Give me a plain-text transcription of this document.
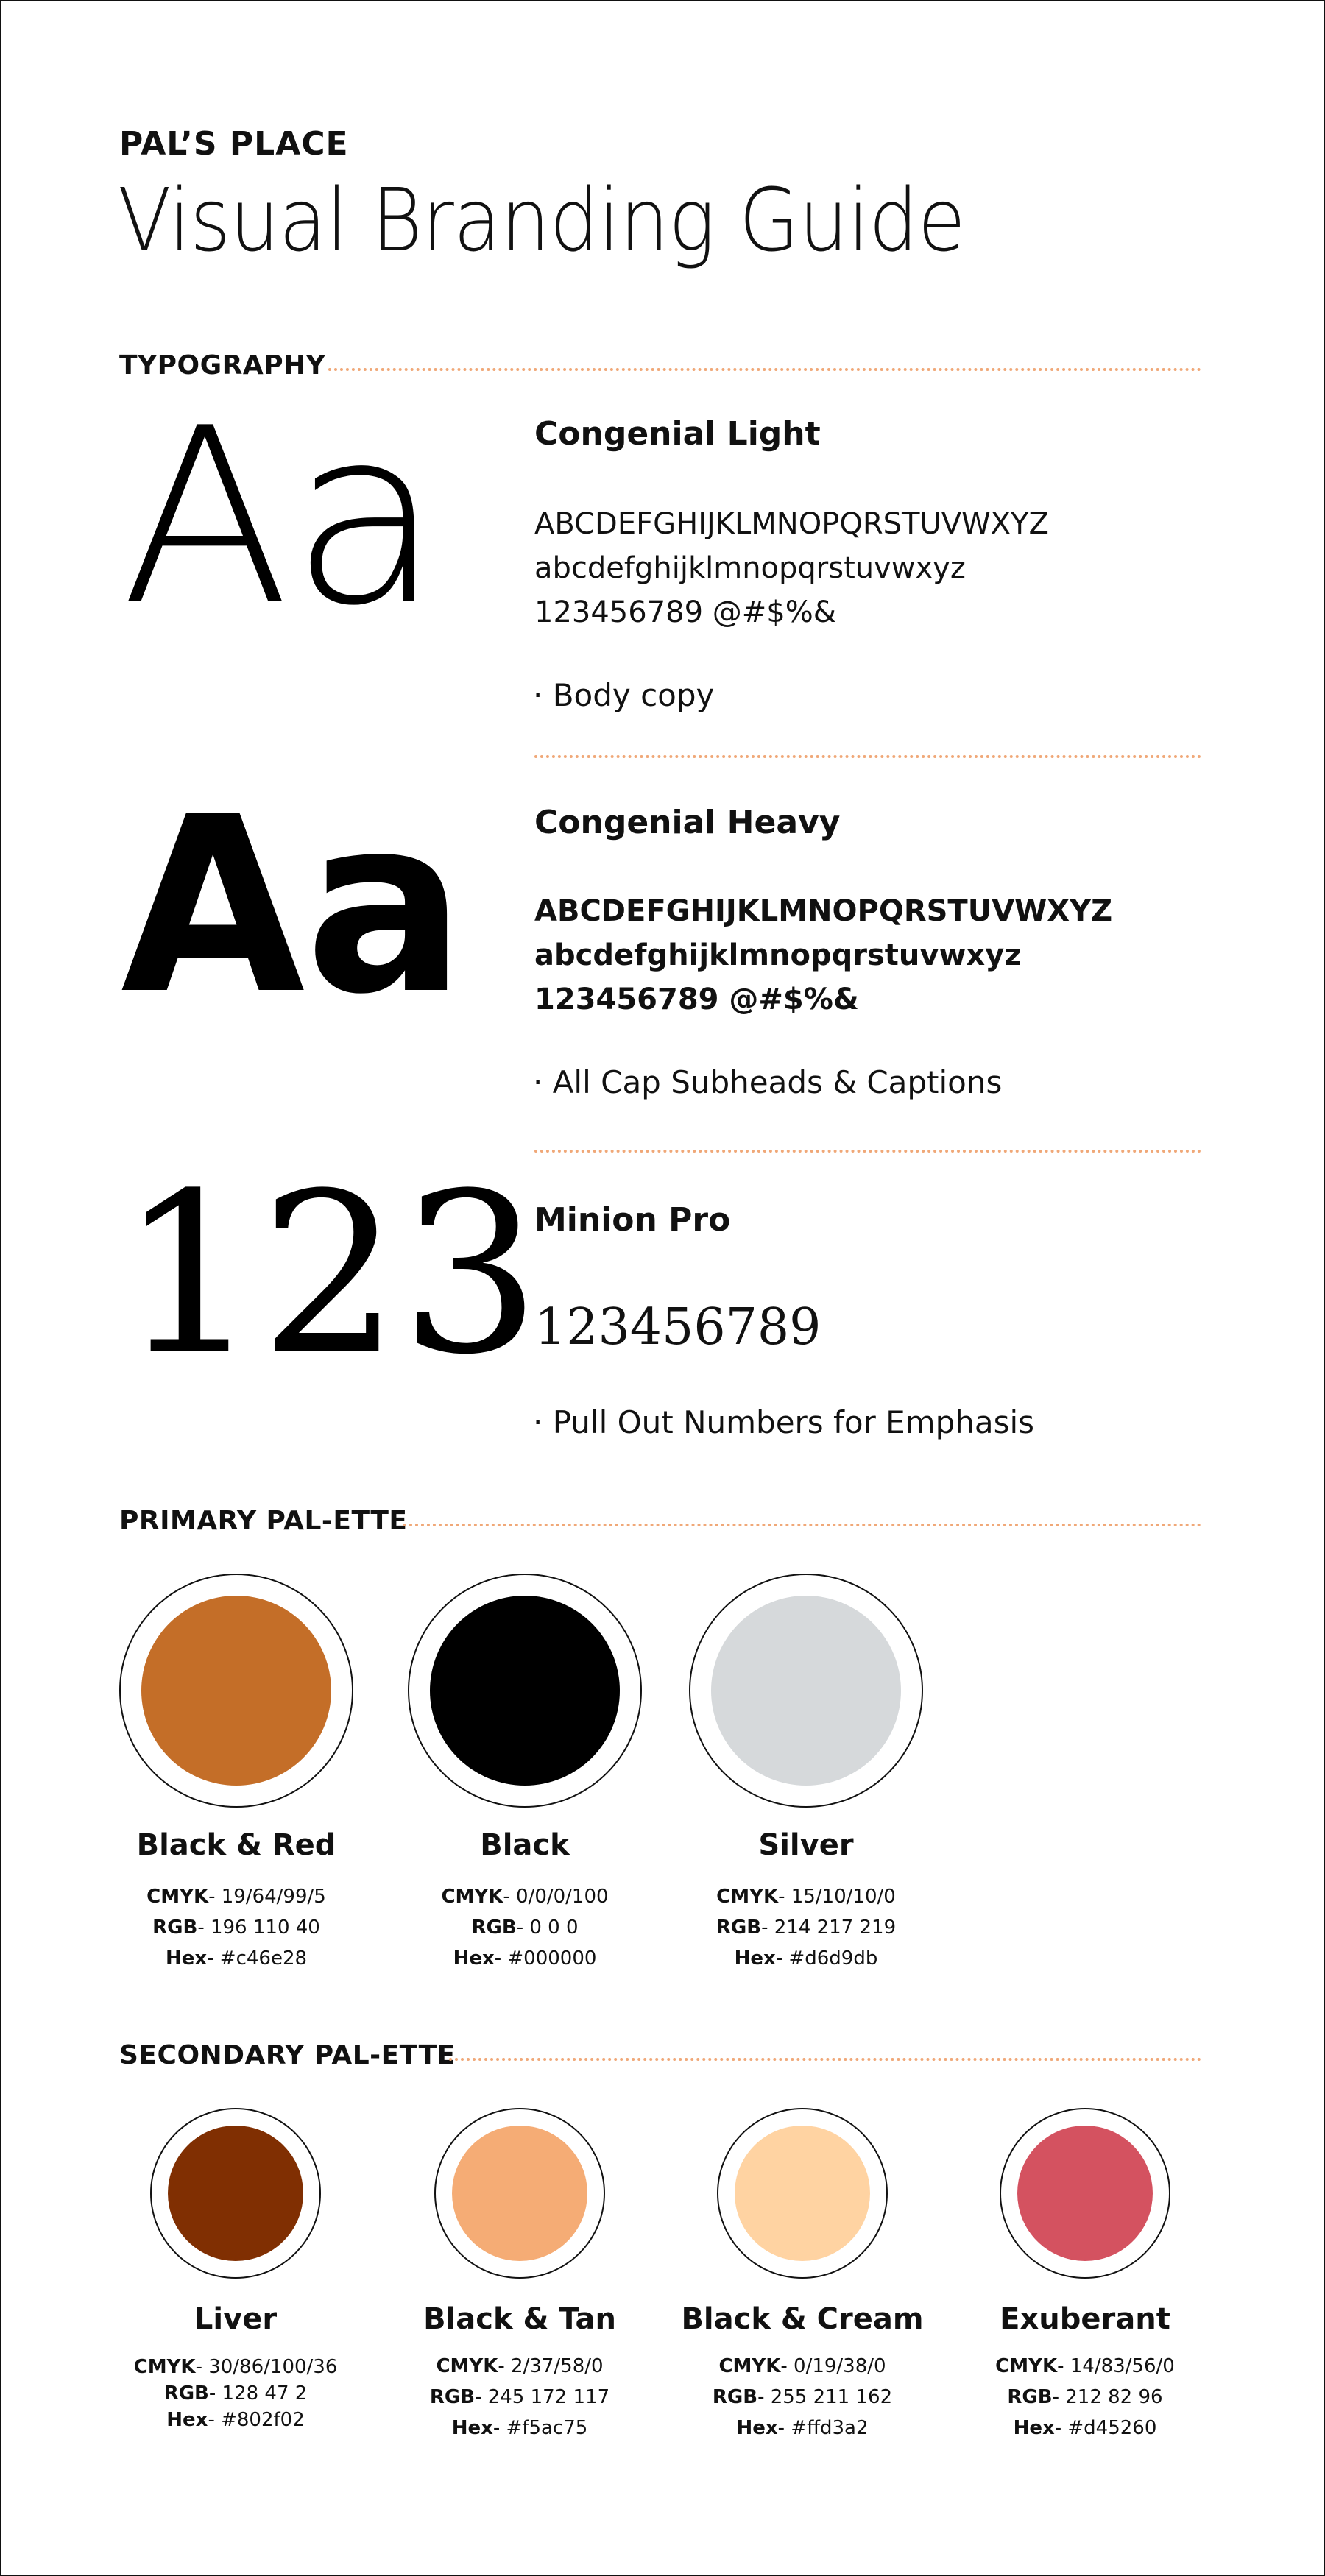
PAL’S PLACE
Visual Branding Guide
TYPOGRAPHY
Aa	Congenial Light
ABCDEFGHIJKLMNOPQRSTUVWXYZ
abcdefghijklmnopqrstuvwxyz
123456789 @#$%&
· Body copy
Aa Congenial Heavy
ABCDEFGHIJKLMNOPQRSTUVWXYZ
abcdefghijklmnopqrstuvwxyz
123456789 @#$%&
· All Cap Subheads & Captions
123
Minion Pro
123456789
· Pull Out Numbers for Emphasis
PRIMARY PAL-ETTE
Black & Red
CMYK- 19/64/99/5
RGB- 196 110 40
Hex- #c46e28
Black
CMYK- 0/0/0/100
RGB- 0 0 0
Hex- #000000
Silver
CMYK- 15/10/10/0
RGB- 214 217 219
Hex- #d6d9db
SECONDARY PAL-ETTE
Liver
CMYK- 30/86/100/36
RGB- 128 47 2
Hex- #802f02
Black & Tan
CMYK- 2/37/58/0
RGB- 245 172 117
Hex- #f5ac75
Black & Cream
CMYK- 0/19/38/0
RGB- 255 211 162
Hex- #ffd3a2
Exuberant
CMYK- 14/83/56/0
RGB- 212 82 96
Hex- #d45260
